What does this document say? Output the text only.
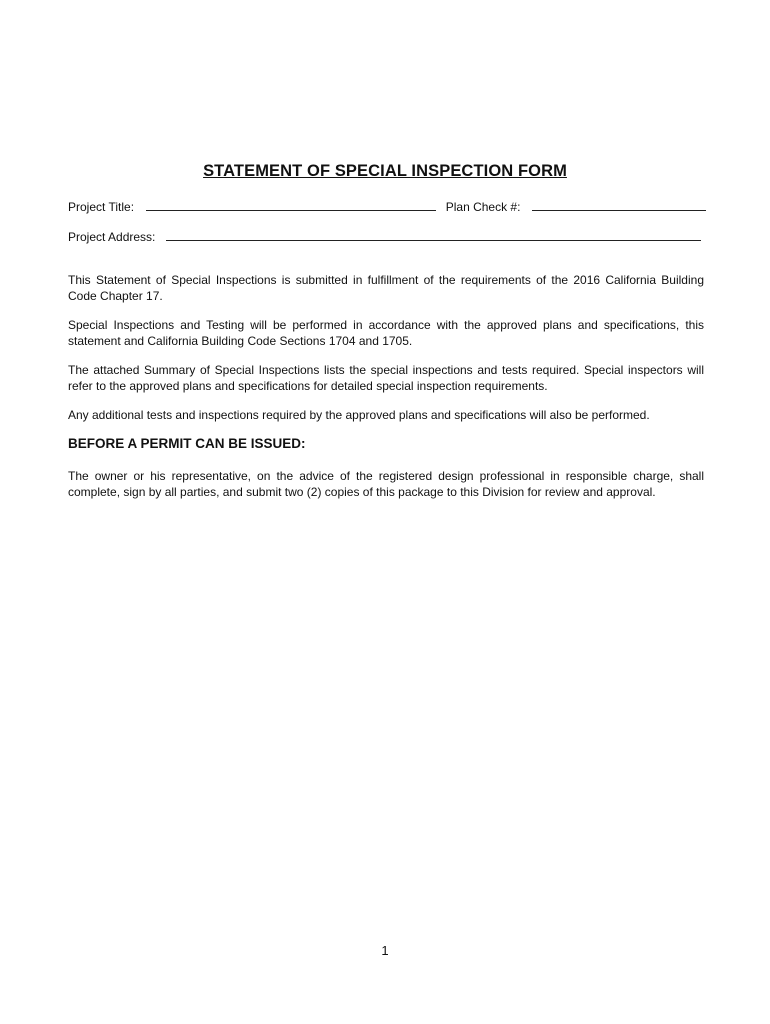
STATEMENT OF SPECIAL INSPECTION FORM
Project Title:	Plan Check #:
Project Address:
This Statement of Special Inspections is submitted in fulfillment of the requirements of the 2016 California Building Code Chapter 17.
Special Inspections and Testing will be performed in accordance with the approved plans and specifications, this statement and California Building Code Sections 1704 and 1705.
The attached Summary of Special Inspections lists the special inspections and tests required. Special inspectors will refer to the approved plans and specifications for detailed special inspection requirements.
Any additional tests and inspections required by the approved plans and specifications will also be performed.
BEFORE A PERMIT CAN BE ISSUED:
The owner or his representative, on the advice of the registered design professional in responsible charge, shall complete, sign by all parties, and submit two (2) copies of this package to this Division for review and approval.
1
